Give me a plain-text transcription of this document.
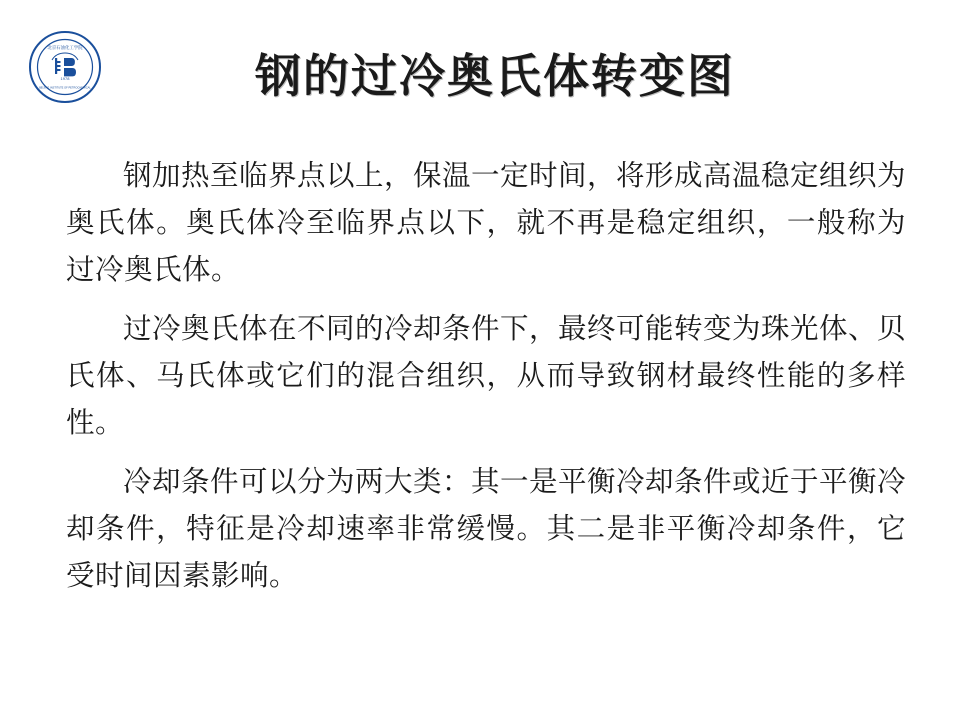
北京石油化工学院
BEIJING INSTITUTE OF PETROCHEMICAL
1978	钢的过冷奥氏体转变图

钢加热至临界点以上，保温一定时间，将形成高温稳定组织为奥氏体。奥氏体冷至临界点以下，就不再是稳定组织，一般称为过冷奥氏体。

过冷奥氏体在不同的冷却条件下，最终可能转变为珠光体、贝氏体、马氏体或它们的混合组织，从而导致钢材最终性能的多样性。

冷却条件可以分为两大类：其一是平衡冷却条件或近于平衡冷却条件，特征是冷却速率非常缓慢。其二是非平衡冷却条件，它受时间因素影响。
